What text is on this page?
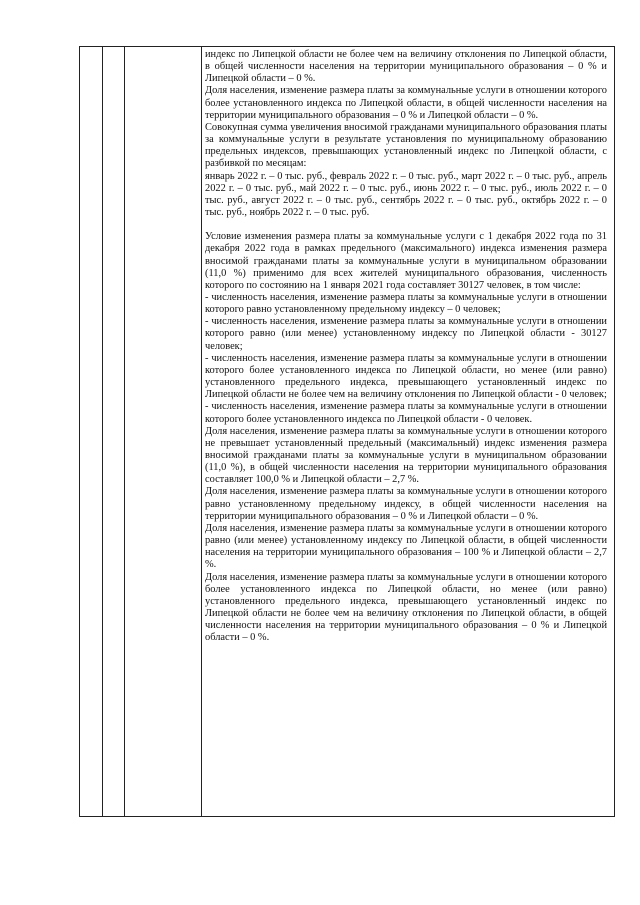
индекс по Липецкой области не более чем на величину отклонения по Липецкой области, в общей численности населения на территории муниципального образования – 0 % и Липецкой области – 0 %.

Доля населения, изменение размера платы за коммунальные услуги в отношении которого более установленного индекса по Липецкой области, в общей численности населения на территории муниципального образования – 0 % и Липецкой области – 0 %.

Совокупная сумма увеличения вносимой гражданами муниципального образования платы за коммунальные услуги в результате установления по муниципальному образованию предельных индексов, превышающих установленный индекс по Липецкой области, с разбивкой по месяцам:

январь 2022 г. – 0 тыс. руб., февраль 2022 г. – 0 тыс. руб., март 2022 г. – 0 тыс. руб., апрель 2022 г. – 0 тыс. руб., май 2022 г. – 0 тыс. руб., июнь 2022 г. – 0 тыс. руб., июль 2022 г. – 0 тыс. руб., август 2022 г. – 0 тыс. руб., сентябрь 2022 г. – 0 тыс. руб., октябрь 2022 г. – 0 тыс. руб., ноябрь 2022 г. – 0 тыс. руб.

Условие изменения размера платы за коммунальные услуги с 1 декабря 2022 года по 31 декабря 2022 года в рамках предельного (максимального) индекса изменения размера вносимой гражданами платы за коммунальные услуги в муниципальном образовании (11,0 %) применимо для всех жителей муниципального образования, численность которого по состоянию на 1 января 2021 года составляет 30127 человек, в том числе:

- численность населения, изменение размера платы за коммунальные услуги в отношении которого равно установленному предельному индексу – 0 человек;

- численность населения, изменение размера платы за коммунальные услуги в отношении которого равно (или менее) установленному индексу по Липецкой области - 30127 человек;

- численность населения, изменение размера платы за коммунальные услуги в отношении которого более установленного индекса по Липецкой области, но менее (или равно) установленного предельного индекса, превышающего установленный индекс по Липецкой области не более чем на величину отклонения по Липецкой области - 0 человек;

- численность населения, изменение размера платы за коммунальные услуги в отношении которого более установленного индекса по Липецкой области - 0 человек.

Доля населения, изменение размера платы за коммунальные услуги в отношении которого не превышает установленный предельный (максимальный) индекс изменения размера вносимой гражданами платы за коммунальные услуги в муниципальном образовании (11,0 %), в общей численности населения на территории муниципального образования составляет 100,0 % и Липецкой области – 2,7 %.

Доля населения, изменение размера платы за коммунальные услуги в отношении которого равно установленному предельному индексу, в общей численности населения на территории муниципального образования – 0 % и Липецкой области – 0 %.

Доля населения, изменение размера платы за коммунальные услуги в отношении которого равно (или менее) установленному индексу по Липецкой области, в общей численности населения на территории муниципального образования – 100 % и Липецкой области – 2,7 %.

Доля населения, изменение размера платы за коммунальные услуги в отношении которого более установленного индекса по Липецкой области, но менее (или равно) установленного предельного индекса, превышающего установленный индекс по Липецкой области не более чем на величину отклонения по Липецкой области, в общей численности населения на территории муниципального образования – 0 % и Липецкой области – 0 %.
